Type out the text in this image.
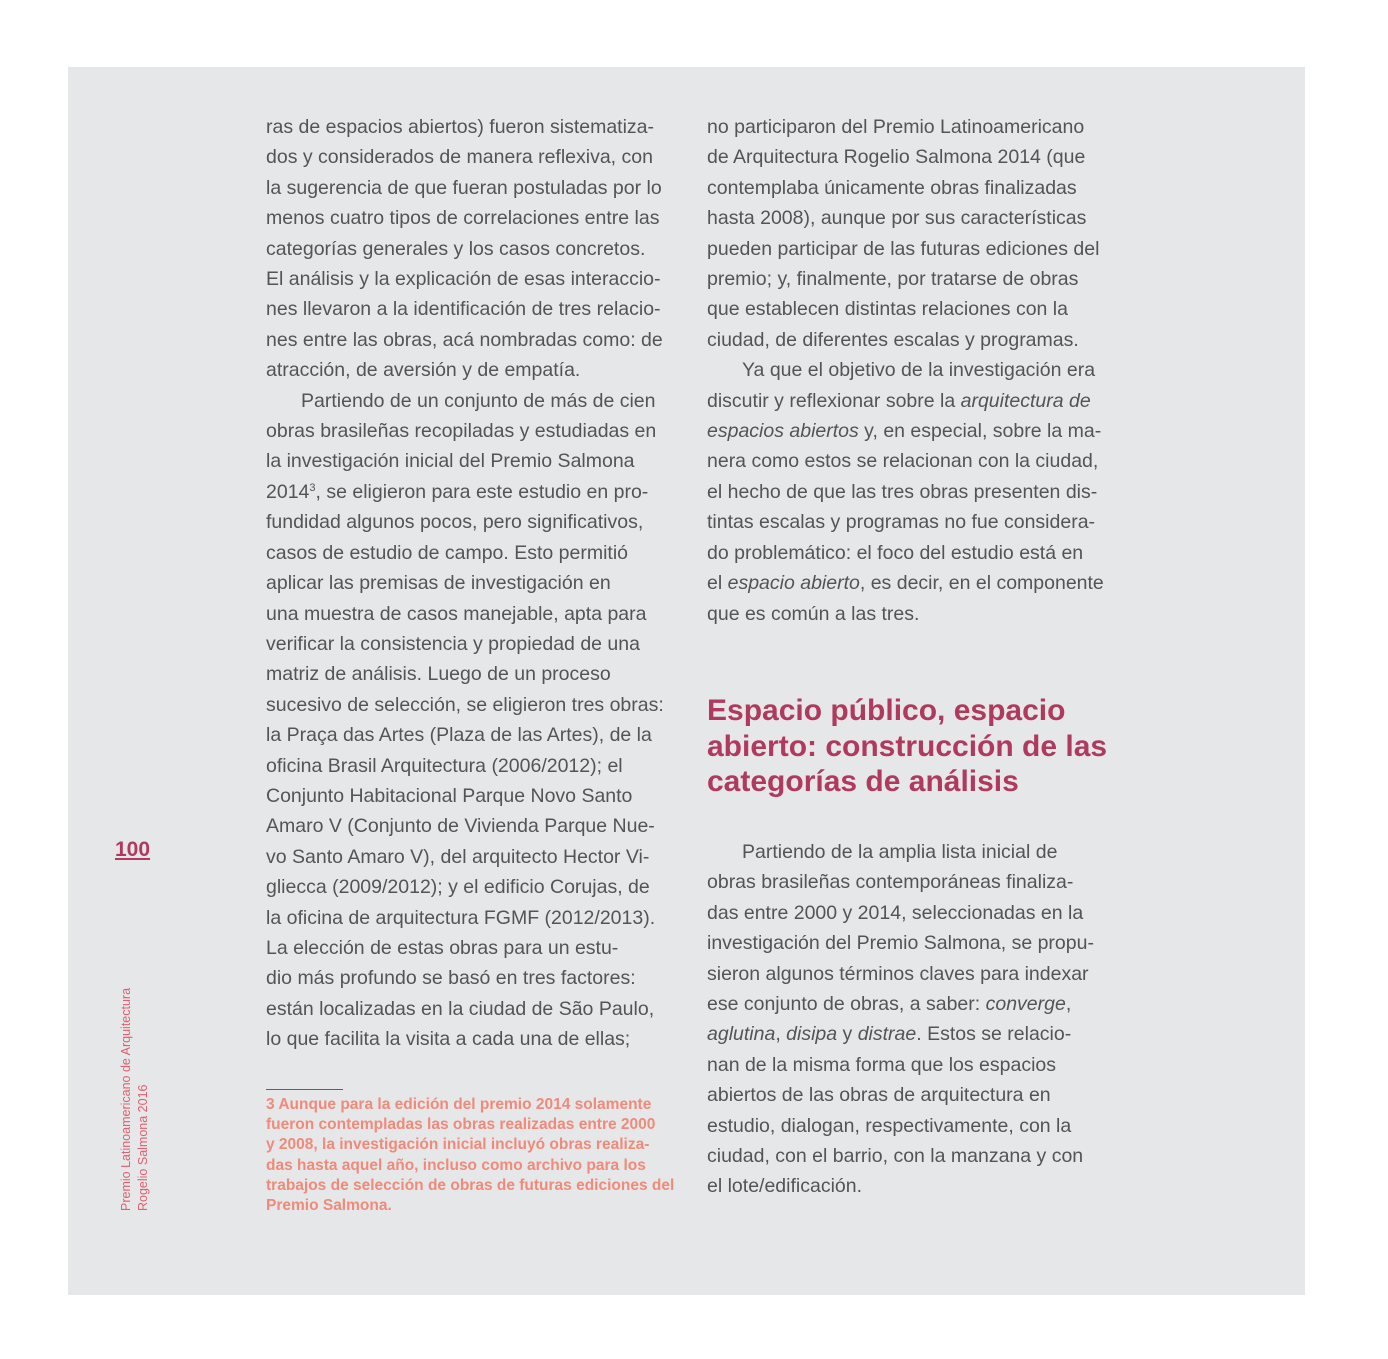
ras de espacios abiertos) fueron sistematiza-
dos y considerados de manera reflexiva, con
la sugerencia de que fueran postuladas por lo
menos cuatro tipos de correlaciones entre las
categorías generales y los casos concretos.
El análisis y la explicación de esas interaccio-
nes llevaron a la identificación de tres relacio-
nes entre las obras, acá nombradas como: de
atracción, de aversión y de empatía.

Partiendo de un conjunto de más de cien
obras brasileñas recopiladas y estudiadas en
la investigación inicial del Premio Salmona
2014$^3$, se eligieron para este estudio en pro-
fundidad algunos pocos, pero significativos,
casos de estudio de campo. Esto permitió
aplicar las premisas de investigación en
una muestra de casos manejable, apta para
verificar la consistencia y propiedad de una
matriz de análisis. Luego de un proceso
sucesivo de selección, se eligieron tres obras:
la Praça das Artes (Plaza de las Artes), de la
oficina Brasil Arquitectura (2006/2012); el
Conjunto Habitacional Parque Novo Santo
Amaro V (Conjunto de Vivienda Parque Nue-
vo Santo Amaro V), del arquitecto Hector Vi-
gliecca (2009/2012); y el edificio Corujas, de
la oficina de arquitectura FGMF (2012/2013).
La elección de estas obras para un estu-
dio más profundo se basó en tres factores:
están localizadas en la ciudad de São Paulo,
lo que facilita la visita a cada una de ellas;

3 Aunque para la edición del premio 2014 solamente
fueron contempladas las obras realizadas entre 2000
y 2008, la investigación inicial incluyó obras realiza-
das hasta aquel año, incluso como archivo para los
trabajos de selección de obras de futuras ediciones del
Premio Salmona.

no participaron del Premio Latinoamericano
de Arquitectura Rogelio Salmona 2014 (que
contemplaba únicamente obras finalizadas
hasta 2008), aunque por sus características
pueden participar de las futuras ediciones del
premio; y, finalmente, por tratarse de obras
que establecen distintas relaciones con la
ciudad, de diferentes escalas y programas.

Ya que el objetivo de la investigación era
discutir y reflexionar sobre la arquitectura de
espacios abiertos y, en especial, sobre la ma-
nera como estos se relacionan con la ciudad,
el hecho de que las tres obras presenten dis-
tintas escalas y programas no fue considera-
do problemático: el foco del estudio está en
el espacio abierto, es decir, en el componente
que es común a las tres.

Espacio público, espacio
abierto: construcción de las
categorías de análisis

Partiendo de la amplia lista inicial de
obras brasileñas contemporáneas finaliza-
das entre 2000 y 2014, seleccionadas en la
investigación del Premio Salmona, se propu-
sieron algunos términos claves para indexar
ese conjunto de obras, a saber: converge,
aglutina, disipa y distrae. Estos se relacio-
nan de la misma forma que los espacios
abiertos de las obras de arquitectura en
estudio, dialogan, respectivamente, con la
ciudad, con el barrio, con la manzana y con
el lote/edificación.

100
Premio Latinoamericano de Arquitectura Rogelio Salmona 2016
